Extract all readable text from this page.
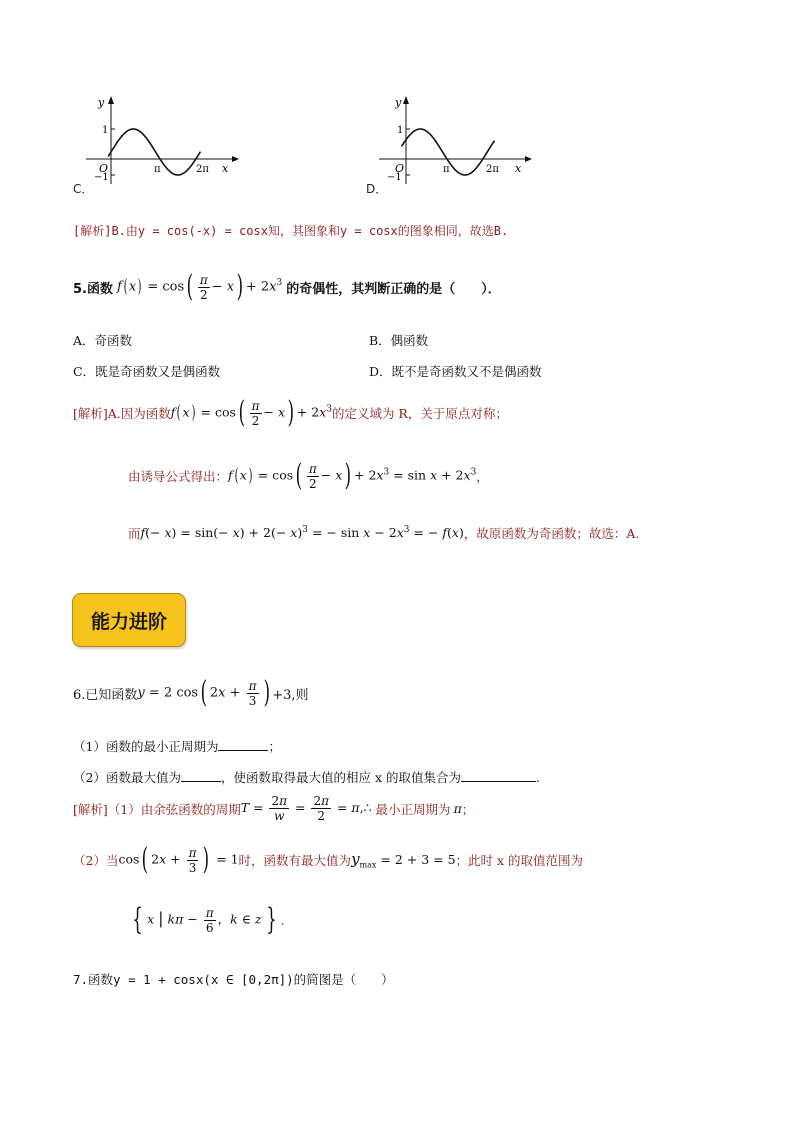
y
x
O
1
−1
π	2π
C．
y
x
O
1
−1
π	2π
D．
[解析]B.由y = cos(-x) = cosx知，其图象和y = cosx的图象相同，故选B.
5.函数 f( $x) = \cos( \frac{\pi}{2} - x) + 2x^3$ 的奇偶性，其判断正确的是（　　）．
A．奇函数	B．偶函数
C．既是奇函数又是偶函数	D．既不是奇函数又不是偶函数
[解析]A.因为函数 f( $x) = \cos( \frac{\pi}{2} - x) + 2x^3$ 的定义域为 R，关于原点对称；
由诱导公式得出： f( $x) = \cos( \frac{\pi}{2} - x) + 2x^3 = \sin x + 2x^3$ ，
而 $f(- x) = \sin(- x) + 2(- x)^3$ = − $\sin x - 2x^3$ = − f(x) ，故原函数为奇函数；故选：A.
能力进阶
6.已知函数 y = 2 cos( $2x + \frac{\pi}{3}$ ) +3,则
（1）函数的最小正周期为	；
（2）函数最大值为	，使函数取得最大值的相应 x 的取值集合为	.
[解析]（1）由余弦函数的周期 $T = \frac{2\pi}{w} = \frac{2\pi}{2}$ = π,∴ 最小正周期为 π ；
（2）当 cos( $2x + \frac{\pi}{3}$ ) = 1 时，函数有最大值为 $y_{max} = 2 + 3 = 5$ ；此时 x 的取值范围为
{ x | $k\pi - \frac{\pi}{6}$ ，k ∈ z } .
7.函数y = 1 + cosx(x ∈ [0,2π])的简图是（　　）
